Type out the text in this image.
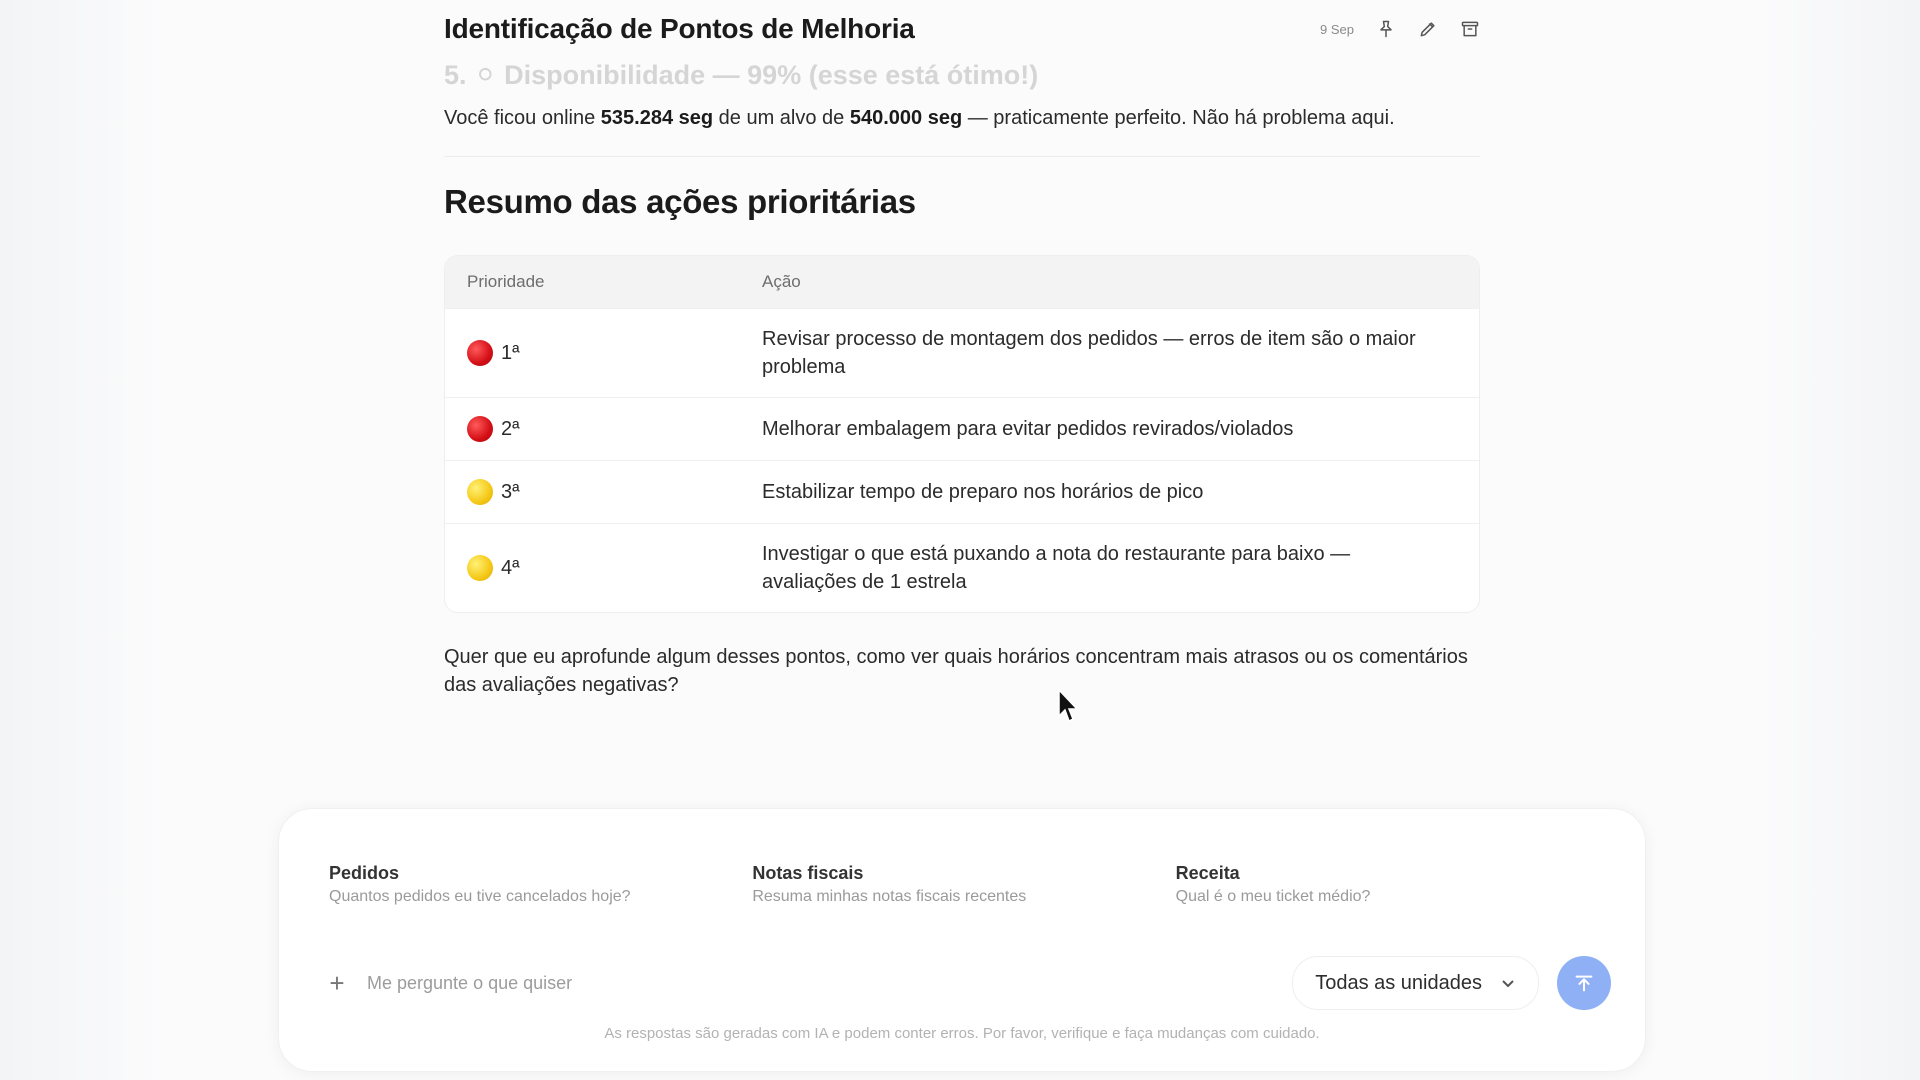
Identificação de Pontos de Melhoria	9 Sep
5. ⚪ Disponibilidade — 99% (esse está ótimo!)

Você ficou online 535.284 seg de um alvo de 540.000 seg — praticamente perfeito. Não há problema aqui.

Resumo das ações prioritárias
Prioridade	Ação

1ª	Revisar processo de montagem dos pedidos — erros de item são o maior problema

2ª	Melhorar embalagem para evitar pedidos revirados/violados

3ª	Estabilizar tempo de preparo nos horários de pico

4ª	Investigar o que está puxando a nota do restaurante para baixo — avaliações de 1 estrela

Quer que eu aprofunde algum desses pontos, como ver quais horários concentram mais atrasos ou os comentários das avaliações negativas?

Pedidos
Quantos pedidos eu tive cancelados hoje?
Notas fiscais
Resuma minhas notas fiscais recentes
Receita
Qual é o meu ticket médio?
+
Me pergunte o que quiser	Todas as unidades
As respostas são geradas com IA e podem conter erros. Por favor, verifique e faça mudanças com cuidado.
